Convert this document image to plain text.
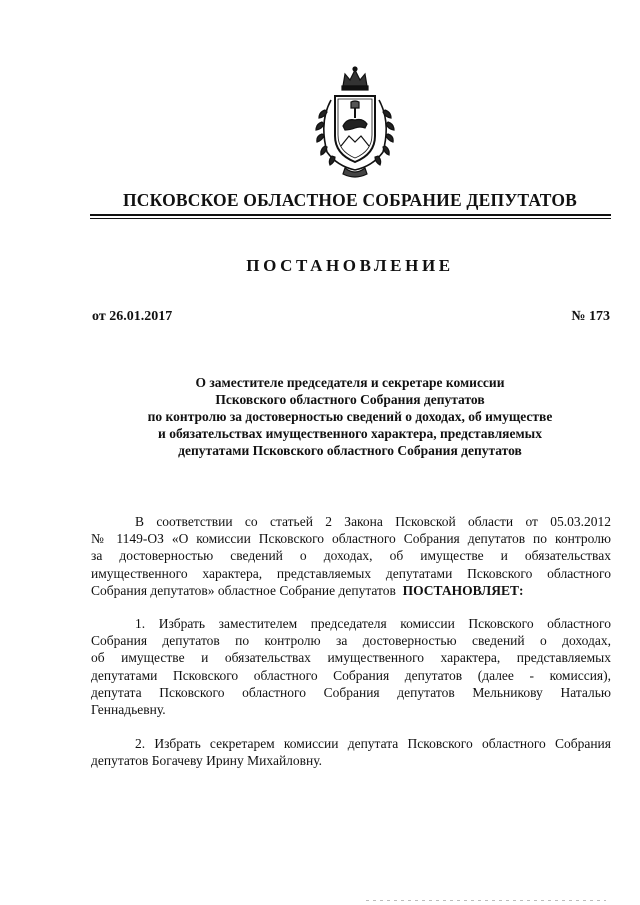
ПСКОВСКОЕ ОБЛАСТНОЕ СОБРАНИЕ ДЕПУТАТОВ
ПОСТАНОВЛЕНИЕ
от 26.01.2017	№ 173
О заместителе председателя и секретаре комиссии
Псковского областного Собрания депутатов
по контролю за достоверностью сведений о доходах, об имуществе
и обязательствах имущественного характера, представляемых
депутатами Псковского областного Собрания депутатов
В соответствии со статьей 2 Закона Псковской области от 05.03.2012
№ 1149-ОЗ «О комиссии Псковского областного Собрания депутатов по контролю
за достоверностью сведений о доходах, об имуществе и обязательствах
имущественного характера, представляемых депутатами Псковского областного
Собрания депутатов» областное Собрание депутатов ПОСТАНОВЛЯЕТ:
1. Избрать заместителем председателя комиссии Псковского областного
Собрания депутатов по контролю за достоверностью сведений о доходах,
об имуществе и обязательствах имущественного характера, представляемых
депутатами Псковского областного Собрания депутатов (далее - комиссия),
депутата Псковского областного Собрания депутатов Мельникову Наталью
Геннадьевну.
2. Избрать секретарем комиссии депутата Псковского областного Собрания
депутатов Богачеву Ирину Михайловну.
